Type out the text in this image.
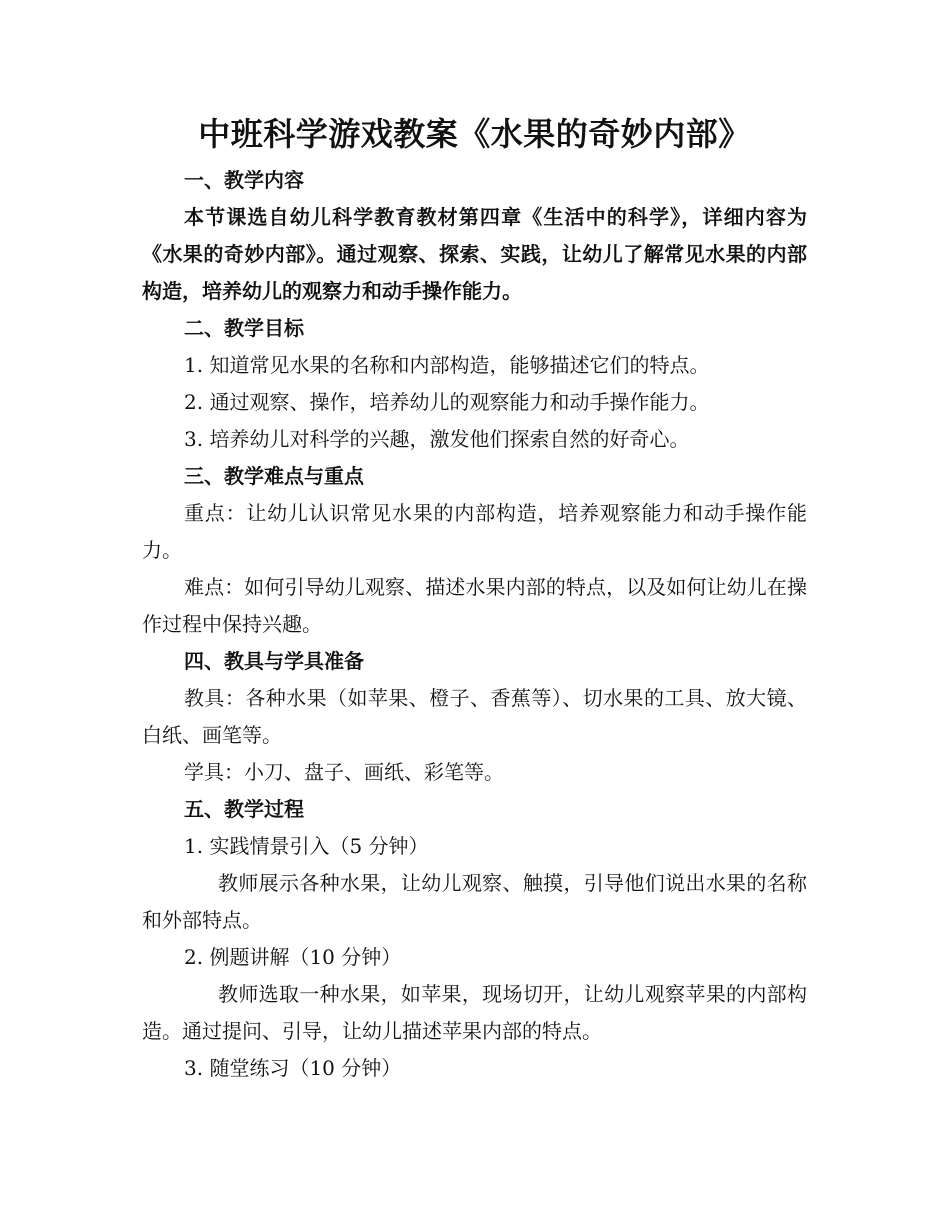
中班科学游戏教案《水果的奇妙内部》

一、教学内容

本节课选自幼儿科学教育教材第四章《生活中的科学》，详细内容为《水果的奇妙内部》。通过观察、探索、实践，让幼儿了解常见水果的内部构造，培养幼儿的观察力和动手操作能力。

二、教学目标

1. 知道常见水果的名称和内部构造，能够描述它们的特点。

2. 通过观察、操作，培养幼儿的观察能力和动手操作能力。

3. 培养幼儿对科学的兴趣，激发他们探索自然的好奇心。

三、教学难点与重点

重点：让幼儿认识常见水果的内部构造，培养观察能力和动手操作能力。

难点：如何引导幼儿观察、描述水果内部的特点，以及如何让幼儿在操作过程中保持兴趣。

四、教具与学具准备

教具：各种水果（如苹果、橙子、香蕉等）、切水果的工具、放大镜、白纸、画笔等。

学具：小刀、盘子、画纸、彩笔等。

五、教学过程

1. 实践情景引入（5 分钟）

教师展示各种水果，让幼儿观察、触摸，引导他们说出水果的名称和外部特点。

2. 例题讲解（10 分钟）

教师选取一种水果，如苹果，现场切开，让幼儿观察苹果的内部构造。通过提问、引导，让幼儿描述苹果内部的特点。

3. 随堂练习（10 分钟）
